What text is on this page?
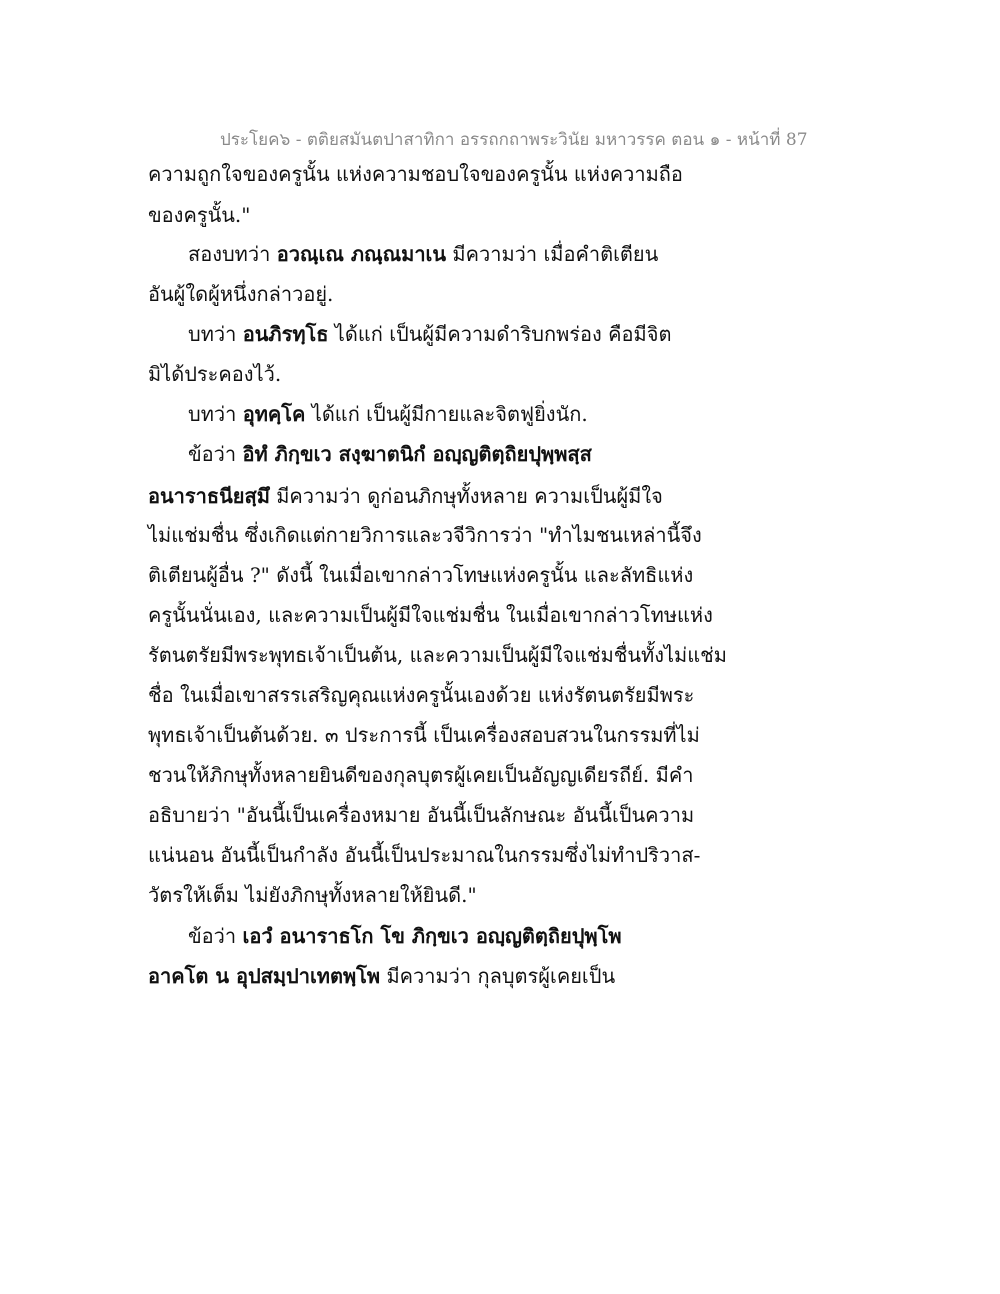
ประโยค๖ - ตติยสมันตปาสาทิกา อรรถกถาพระวินัย มหาวรรค ตอน ๑ - หน้าที่ 87
ความถูกใจของครูนั้น แห่งความชอบใจของครูนั้น แห่งความถือ
ของครูนั้น."
สองบทว่า อวณฺเณ ภณฺณมาเน มีความว่า เมื่อคำติเตียน
อันผู้ใดผู้หนึ่งกล่าวอยู่.
บทว่า อนภิรทฺโธ ได้แก่ เป็นผู้มีความดำริบกพร่อง คือมีจิต
มิได้ประคองไว้.
บทว่า อุทคฺโค ได้แก่ เป็นผู้มีกายและจิตฟูยิ่งนัก.
ข้อว่า อิทํ ภิกฺขเว สงฺฆาตนิกํ อญฺญติตฺถิยปุพฺพสฺส
อนาราธนียสฺมึ มีความว่า ดูก่อนภิกษุทั้งหลาย ความเป็นผู้มีใจ
ไม่แช่มชื่น ซึ่งเกิดแต่กายวิการและวจีวิการว่า "ทำไมชนเหล่านี้จึง
ติเตียนผู้อื่น ?" ดังนี้ ในเมื่อเขากล่าวโทษแห่งครูนั้น และลัทธิแห่ง
ครูนั้นนั่นเอง, และความเป็นผู้มีใจแช่มชื่น ในเมื่อเขากล่าวโทษแห่ง
รัตนตรัยมีพระพุทธเจ้าเป็นต้น, และความเป็นผู้มีใจแช่มชื่นทั้งไม่แช่ม
ชื่อ ในเมื่อเขาสรรเสริญคุณแห่งครูนั้นเองด้วย แห่งรัตนตรัยมีพระ
พุทธเจ้าเป็นต้นด้วย. ๓ ประการนี้ เป็นเครื่องสอบสวนในกรรมที่ไม่
ชวนให้ภิกษุทั้งหลายยินดีของกุลบุตรผู้เคยเป็นอัญญเดียรถีย์. มีคำ
อธิบายว่า "อันนี้เป็นเครื่องหมาย อันนี้เป็นลักษณะ อันนี้เป็นความ
แน่นอน อันนี้เป็นกำลัง อันนี้เป็นประมาณในกรรมซึ่งไม่ทำปริวาส-
วัตรให้เต็ม ไม่ยังภิกษุทั้งหลายให้ยินดี."
ข้อว่า เอวํ อนาราธโก โข ภิกฺขเว อญฺญติตฺถิยปุพฺโพ
อาคโต น อุปสมฺปาเทตพฺโพ มีความว่า กุลบุตรผู้เคยเป็น
